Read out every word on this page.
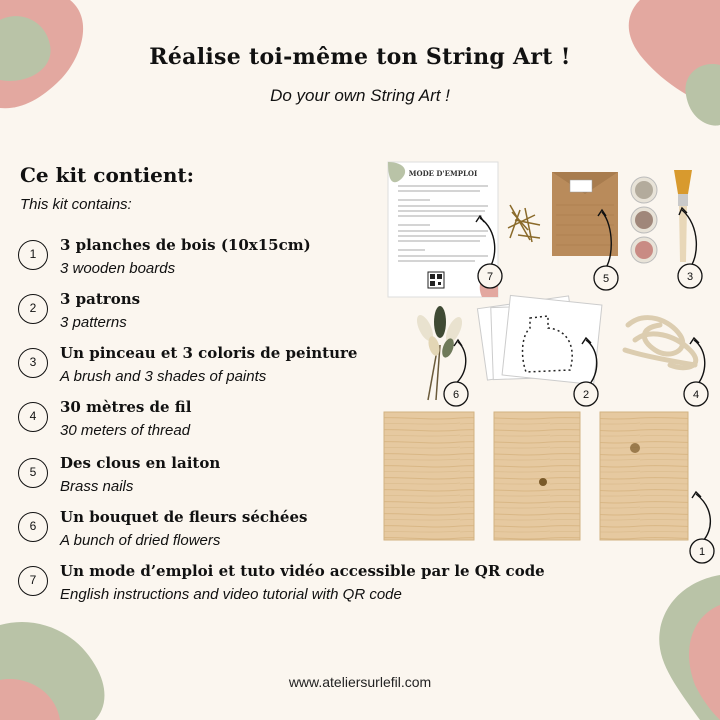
Réalise toi-même ton String Art !
Do your own String Art !
Ce kit contient:
This kit contains:
1	3 planches de bois (10x15cm)
3 wooden boards
2	3 patrons
3 patterns
3	Un pinceau et 3 coloris de peinture
A brush and 3 shades of paints
4	30 mètres de fil
30 meters of thread
5	Des clous en laiton
Brass nails
6	Un bouquet de fleurs séchées
A bunch of dried flowers
7	Un mode d’emploi et tuto vidéo accessible par le QR code
English instructions and video tutorial with QR code
MODE D'EMPLOI
7	5	3
6	2	4
1
www.ateliersurlefil.com
